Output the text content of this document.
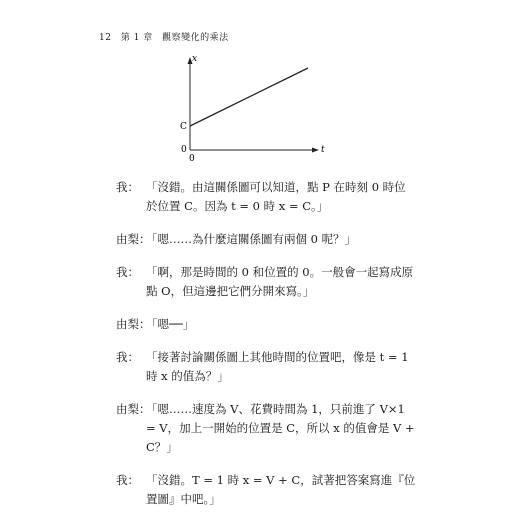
12 第 1 章 觀察變化的乘法
x
t
C
0
0
我： 「沒錯。由這關係圖可以知道，點 P 在時刻 0 時位於位置 C。因為 t = 0 時 x = C。」
由梨：
「嗯……為什麼這關係圖有兩個 0 呢？」
我： 「啊，那是時間的 0 和位置的 0。一般會一起寫成原點 O，但這邊把它們分開來寫。」
由梨：
「嗯──」
我： 「接著討論關係圖上其他時間的位置吧，像是 t = 1 時 x 的值為？」
由梨：
「嗯……速度為 V、花費時間為 1，只前進了 V×1 = V，加上一開始的位置是 C，所以 x 的值會是 V + C？」
我： 「沒錯。T = 1 時 x = V + C，試著把答案寫進『位置圖』中吧。」
